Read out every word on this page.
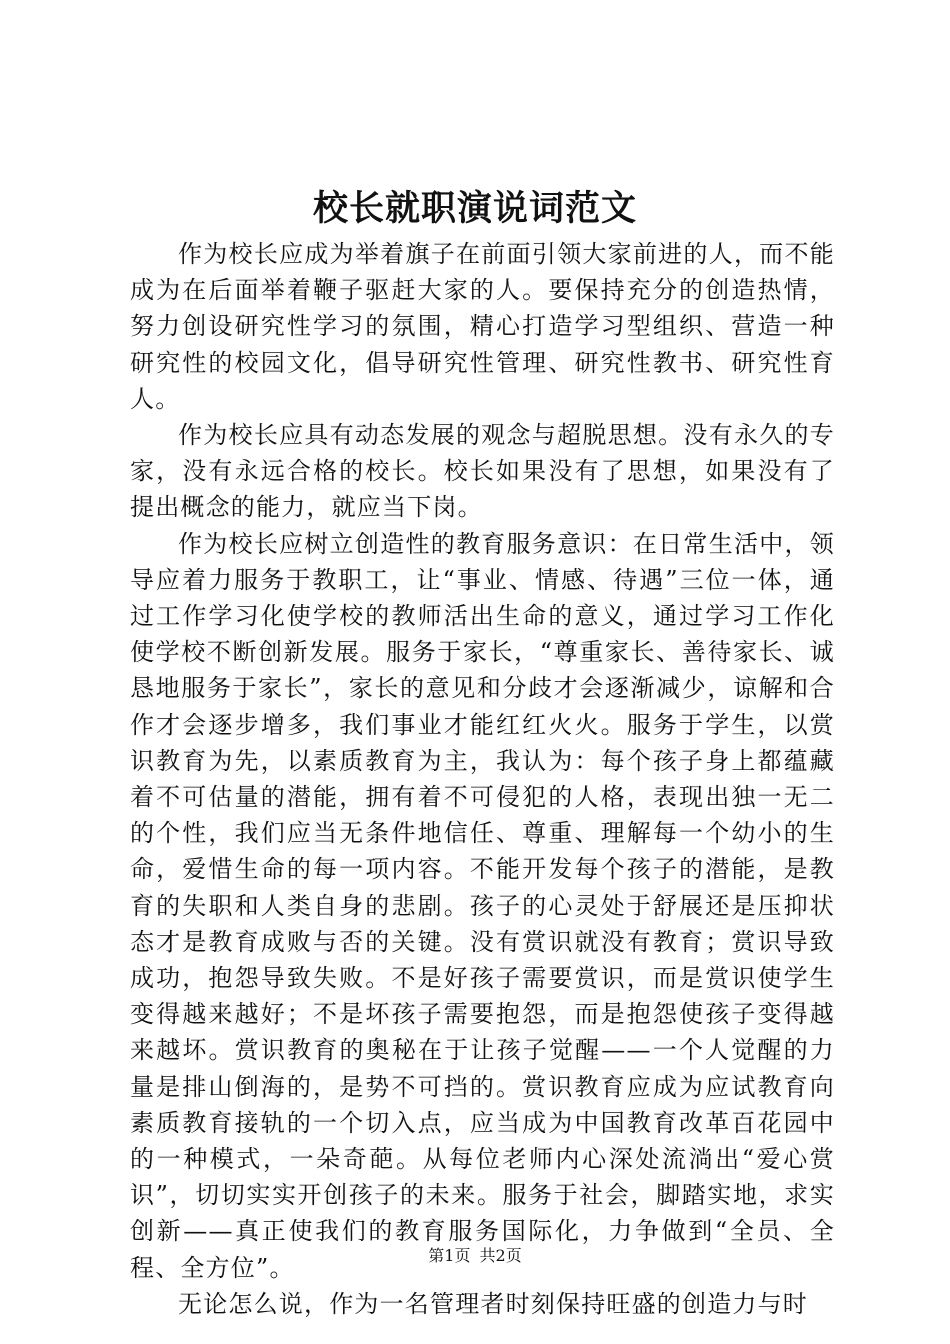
校长就职演说词范文

作为校长应成为举着旗子在前面引领大家前进的人，而不能成为在后面举着鞭子驱赶大家的人。要保持充分的创造热情，努力创设研究性学习的氛围，精心打造学习型组织、营造一种研究性的校园文化，倡导研究性管理、研究性教书、研究性育人。

作为校长应具有动态发展的观念与超脱思想。没有永久的专家，没有永远合格的校长。校长如果没有了思想，如果没有了提出概念的能力，就应当下岗。

作为校长应树立创造性的教育服务意识：在日常生活中，领导应着力服务于教职工，让“事业、情感、待遇”三位一体，通过工作学习化使学校的教师活出生命的意义，通过学习工作化使学校不断创新发展。服务于家长，“尊重家长、善待家长、诚恳地服务于家长”，家长的意见和分歧才会逐渐减少，谅解和合作才会逐步增多，我们事业才能红红火火。服务于学生，以赏识教育为先，以素质教育为主，我认为：每个孩子身上都蕴藏着不可估量的潜能，拥有着不可侵犯的人格，表现出独一无二的个性，我们应当无条件地信任、尊重、理解每一个幼小的生命，爱惜生命的每一项内容。不能开发每个孩子的潜能，是教育的失职和人类自身的悲剧。孩子的心灵处于舒展还是压抑状态才是教育成败与否的关键。没有赏识就没有教育；赏识导致成功，抱怨导致失败。不是好孩子需要赏识，而是赏识使学生变得越来越好；不是坏孩子需要抱怨，而是抱怨使孩子变得越来越坏。赏识教育的奥秘在于让孩子觉醒——一个人觉醒的力量是排山倒海的，是势不可挡的。赏识教育应成为应试教育向素质教育接轨的一个切入点，应当成为中国教育改革百花园中的一种模式，一朵奇葩。从每位老师内心深处流淌出“爱心赏识”，切切实实开创孩子的未来。服务于社会，脚踏实地，求实创新——真正使我们的教育服务国际化，力争做到“全员、全程、全方位”。

无论怎么说，作为一名管理者时刻保持旺盛的创造力与时

第1页 共2页
